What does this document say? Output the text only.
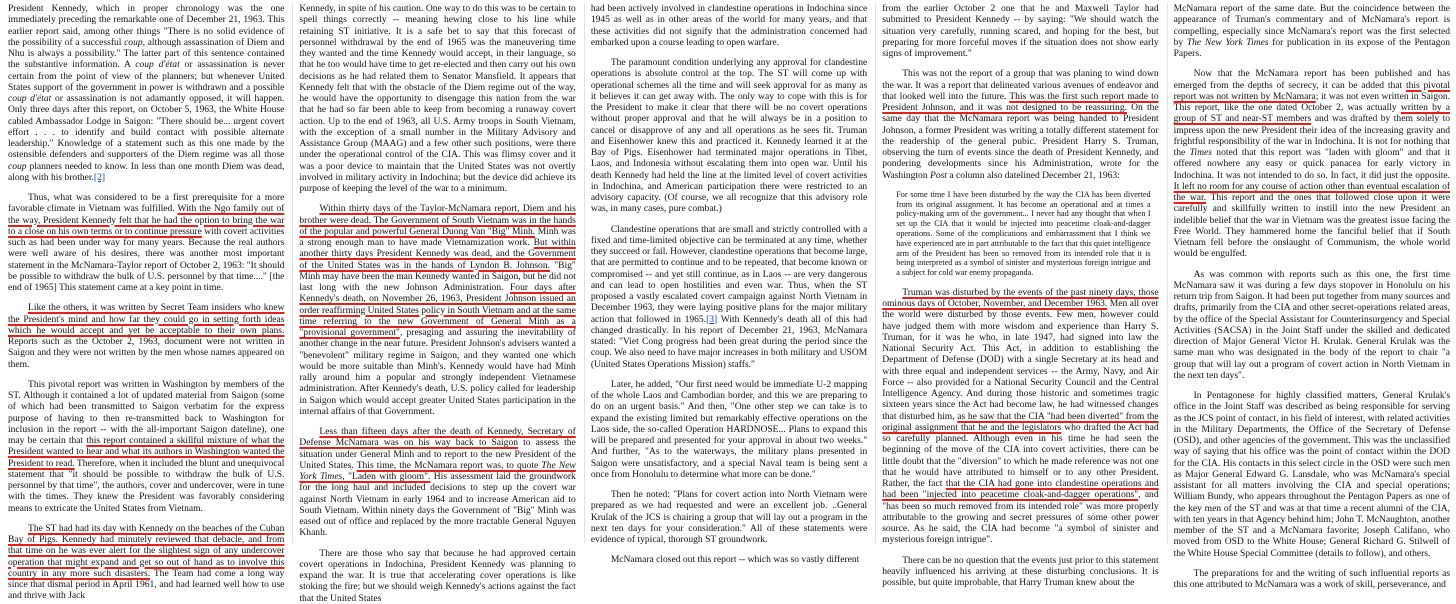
President Kennedy, which in proper chronology was the one immediately preceding the remarkable one of December 21, 1963. This earlier report said, among other things "There is no solid evidence of the possibility of a successful coup, although assassination of Diem and Nhu is always a possibility." The latter part of this sentence contained the substantive information. A coup d'état or assassination is never certain from the point of view of the planners; but whenever United States support of the government in power is withdrawn and a possible coup d'état or assassination is not adamantly opposed, it will happen. Only three days after this report, on October 5, 1963, the White House cabled Ambassador Lodge in Saigon: "There should be... urgent covert effort . . . to identify and build contact with possible alternate leadership." Knowledge of a statement such as this one made by the ostensible defenders and supporters of the Diem regime was all those coup planners needed to know. In less than one month Diem was dead, along with his brother.[2]

Thus, what was considered to be a first prerequisite for a more favorable climate in Vietnam was fulfilled. With the Ngo family out of the way, President Kennedy felt that he had the option to bring the war to a close on his own terms or to continue pressure with covert activities such as had been under way for many years. Because the real authors were well aware of his desires, there was another most important statement in the McNamara-Taylor report of October 2, 1963: "It should be possible to withdraw the bulk of U.S. personnel by that time...." [the end of 1965] This statement came at a key point in time.

Like the others, it was written by Secret Team insiders who knew the President's mind and how far they could go in setting forth ideas which he would accept and yet be acceptable to their own plans. Reports such as the October 2, 1963, document were not written in Saigon and they were not written by the men whose names appeared on them.

This pivotal report was written in Washington by members of the ST. Although it contained a lot of updated material from Saigon (some of which had been transmitted to Saigon verbatim for the express purpose of having to then re-transmitted back to Washington for inclusion in the report -- with the all-important Saigon dateline), one may be certain that this report contained a skillful mixture of what the President wanted to hear and what its authors in Washington wanted the President to read. Therefore, when it included the blunt and unequivocal statement that "it should be possible to withdraw the bulk of U.S. personnel by that time", the authors, cover and undercover, were in tune with the times. They knew the President was favorably considering means to extricate the United States from Vietnam.

The ST had had its day with Kennedy on the beaches of the Cuban Bay of Pigs. Kennedy had minutely reviewed that debacle, and from that time on he was ever alert for the slightest sign of any undercover operation that might expand and get so out of hand as to involve this country in any more such disasters. The Team had come a long way since that dismal period in April 1961, and had learned well how to use and thrive with Jack

Kennedy, in spite of his caution. One way to do this was to be certain to spell things correctly -- meaning hewing close to his line while retaining ST initiative. It is a safe bet to say that this forecast of personnel withdrawal by the end of 1965 was the maneuvering time they wanted and the time Kennedy would accept, in their language, so that he too would have time to get re-elected and then carry out his own decisions as he had related them to Senator Mansfield. It appears that Kennedy felt that with the obstacle of the Diem regime out of the way, he would have the opportunity to disengage this nation from the war that he had so far been able to keep from becoming a runaway covert action. Up to the end of 1963, all U.S. Army troops in South Vietnam, with the exception of a small number in the Military Advisory and Assistance Group (MAAG) and a few other such positions, were there under the operational control of the CIA. This was flimsy cover and it was a poor device to maintain that the United States was not overtly involved in military activity in Indochina; but the device did achieve its purpose of keeping the level of the war to a minimum.

Within thirty days of the Taylor-McNamara report, Diem and his brother were dead. The Government of South Vietnam was in the hands of the popular and powerful General Duong Van "Big" Minh. Minh was a strong enough man to have made Vietnamization work. But within another thirty days President Kennedy was dead, and the Government of the United States was in the hands of Lyndon B. Johnson. "Big" Minh may have been the man Kennedy wanted in Saigon, but he did not last long with the new Johnson Administration. Four days after Kennedy's death, on November 26, 1963, President Johnson issued an order reaffirming United States policy in South Vietnam and at the same time referring to the new Government of General Minh as a "provisional government", presaging and assuring the inevitability of another change in the near future. President Johnson's advisers wanted a "benevolent" military regime in Saigon, and they wanted one which would be more suitable than Minh's. Kennedy would have had Minh rally around him a popular and strongly independent Vietnamese administration. After Kennedy's death, U.S. policy called for leadership in Saigon which would accept greater United States participation in the internal affairs of that Government.

Less than fifteen days after the death of Kennedy, Secretary of Defense McNamara was on his way back to Saigon to assess the situation under General Minh and to report to the new President of the United States. This time, the McNamara report was, to quote The New York Times, "Laden with gloom". His assessment laid the groundwork for the long haul and included decisions to step up the covert war against North Vietnam in early 1964 and to increase American aid to South Vietnam. Within ninety days the Government of "Big" Minh was eased out of office and replaced by the more tractable General Nguyen Khanh.

There are those who say that because he had approved certain covert operations in Indochina, President Kennedy was planning to expand the war. It is true that accelerating cover operations is like stoking the fire; but we should weigh Kennedy's actions against the fact that the United States

had been actively involved in clandestine operations in Indochina since 1945 as well as in other areas of the world for many years, and that these activities did not signify that the administration concerned had embarked upon a course leading to open warfare.

The paramount condition underlying any approval for clandestine operations is absolute control at the top. The ST will come up with operational schemes all the time and will seek approval for as many as it believes it can get away with. The only way to cope with this is for the President to make it clear that there will be no covert operations without proper approval and that he will always be in a position to cancel or disapprove of any and all operations as he sees fit. Truman and Eisenhower knew this and practiced it. Kennedy learned it at the Bay of Pigs. Eisenhower had terminated major operations in Tibet, Laos, and Indonesia without escalating them into open war. Until his death Kennedy had held the line at the limited level of covert activities in Indochina, and American participation there were restricted to an advisory capacity. (Of course, we all recognize that this advisory role was, in many cases, pure combat.)

Clandestine operations that are small and strictly controlled with a fixed and time-limited objective can be terminated at any time, whether they succeed or fail. However, clandestine operations that become large, that are permitted to continue and to be repeated, that become known or compromised -- and yet still continue, as in Laos -- are very dangerous and can lead to open hostilities and even war. Thus, when the ST proposed a vastly escalated covert campaign against North Vietnam in December 1963, they were laying positive plans for the major military action that followed in 1965.[3] With Kennedy's death all of this had changed drastically. In his report of December 21, 1963, McNamara stated: "Viet Cong progress had been great during the period since the coup. We also need to have major increases in both military and USOM (United States Operations Mission) staffs."

Later, he added, "Our first need would be immediate U-2 mapping of the whole Laos and Cambodian border, and this we are preparing to do on an urgent basis." And then, "One other step we can take is to expand the existing limited but remarkably effective operations on the Laos side, the so-called Operation HARDNOSE... Plans to expand this will be prepared and presented for your approval in about two weeks." And further, "As to the waterways, the military plans presented in Saigon were unsatisfactory, and a special Naval team is being sent a once from Honolulu to determine what more can be done."

Then he noted: "Plans for covert action into North Vietnam were prepared as we had requested and were an excellent job. ..General Krulak of the JCS is chairing a group that will lay out a program in the next ten days for your consideration." All of these statements were evidence of typical, thorough ST groundwork.

McNamara closed out this report -- which was so vastly different

from the earlier October 2 one that he and Maxwell Taylor had submitted to President Kennedy -- by saying: "We should watch the situation very carefully, running scared, and hoping for the best, but preparing for more forceful moves if the situation does not show early signs of improvement."

This was not the report of a group that was planing to wind down the war. It was a report that delineated various avenues of endeavor and that looked well into the future. This was the first such report made to President Johnson, and it was not designed to be reassuring. On the same day that the McNamara report was being handed to President Johnson, a former President was writing a totally different statement for the readership of the general pubic. President Harry S. Truman, observing the turn of events since the death of President Kennedy, and pondering developments since his Administration, wrote for the Washington Post a column also datelined December 21, 1963:

For some time I have been disturbed by the way the CIA has been diverted from its original assignment. It has become an operational and at times a policy-making arm of the government... I never had any thought that when I set up the CIA that it would be injected into peacetime cloak-and-dagger operations. Some of the complications and embarrassment that I think we have experienced are in part attributable to the fact that this quiet intelligence arm of the President has been so removed from its intended role that it is being interpreted as a symbol of sinister and mysterious foreign intrigue and a subject for cold war enemy propaganda.

Truman was disturbed by the events of the past ninety days, those ominous days of October, November, and December 1963. Men all over the world were disturbed by those events. Few men, however could have judged them with more wisdom and experience than Harry S. Truman, for it was he who, in late 1947, had signed into law the National Security Act. This Act, in addition to establishing the Department of Defense (DOD) with a single Secretary at its head and with three equal and independent services -- the Army, Navy, and Air Force -- also provided for a National Security Council and the Central Intelligence Agency. And during those historic and sometimes tragic sixteen years since the Act had become law, he had witnessed changes that disturbed him, as he saw that the CIA "had been diverted" from the original assignment that he and the legislators who drafted the Act had so carefully planned. Although even in his time he had seen the beginning of the move of the CIA into covert activities, there can be little doubt that the "diversion" to which he made reference was not one that he would have attributed to himself or to any other President. Rather, the fact that the CIA had gone into clandestine operations and had been "injected into peacetime cloak-and-dagger operations", and "has been so much removed from its intended role" was more properly attributable to the growing and secret pressures of some other power source. As he said, the CIA had become "a symbol of sinister and mysterious foreign intrigue".

There can be no question that the events just prior to this statement heavily influenced his arriving at these disturbing conclusions. It is possible, but quite improbable, that Harry Truman knew about the

McNamara report of the same date. But the coincidence between the appearance of Truman's commentary and of McNamara's report is compelling, especially since McNamara's report was the first selected by The New York Times for publication in its expose of the Pentagon Papers.

Now that the McNamara report has been published and has emerged from the depths of secrecy, it can be added that this pivotal report was not written by McNamara; it was not even written in Saigon. This report, like the one dated October 2, was actually written by a group of ST and near-ST members and was drafted by them solely to impress upon the new President their idea of the increasing gravity and frightful responsibility of the war in Indochina. It is not for nothing that the Times noted that this report was "laden with gloom" and that it offered nowhere any easy or quick panacea for early victory in Indochina. It was not intended to do so. In fact, it did just the opposite. It left no room for any course of action other than eventual escalation of the war. This report and the ones that followed close upon it were carefully and skillfully written to instill into the new President an indelible belief that the war in Vietnam was the greatest issue facing the Free World. They hammered home the fanciful belief that if South Vietnam fell before the onslaught of Communism, the whole world would be engulfed.

As was common with reports such as this one, the first time McNamara saw it was during a few days stopover in Honolulu on his return trip from Saigon. It had been put together from many sources and drafts, primarily from the CIA and other secret-operations related areas, by the office of the Special Assistant for Counterinsurgency and Special Activities (SACSA) in the Joint Staff under the skilled and dedicated direction of Major General Victor H. Krulak. General Krulak was the same man who was designated in the body of the report to chair "a group that will lay out a program of covert action in North Vietnam in the next ten days".

In Pentagonese for highly classified matters, General Krulak's office in the Joint Staff was described as being responsible for serving as the JCS point of contact, in his field of interest, with related activities in the Military Departments, the Office of the Secretary of Defense (OSD), and other agencies of the government. This was the unclassified way of saying that his office was the point of contact within the DOD for the CIA. His contacts in this select circle in the OSD were such men as Major General Edward G. Lansdale, who was McNamara's special assistant for all matters involving the CIA and special operations; William Bundy, who appears throughout the Pentagon Papers as one of the key men of the ST and was at that time a recent alumni of the CIA, with ten years in that Agency behind him; John T. McNaughton, another member of the ST and a McNamara favorite; Joseph Califano, who moved from OSD to the White House; General Richard G. Stilwell of the White House Special Committee (details to follow), and others.

The preparations for and the writing of such influential reports as this one attributed to McNamara was a work of skill, perseverance, and
